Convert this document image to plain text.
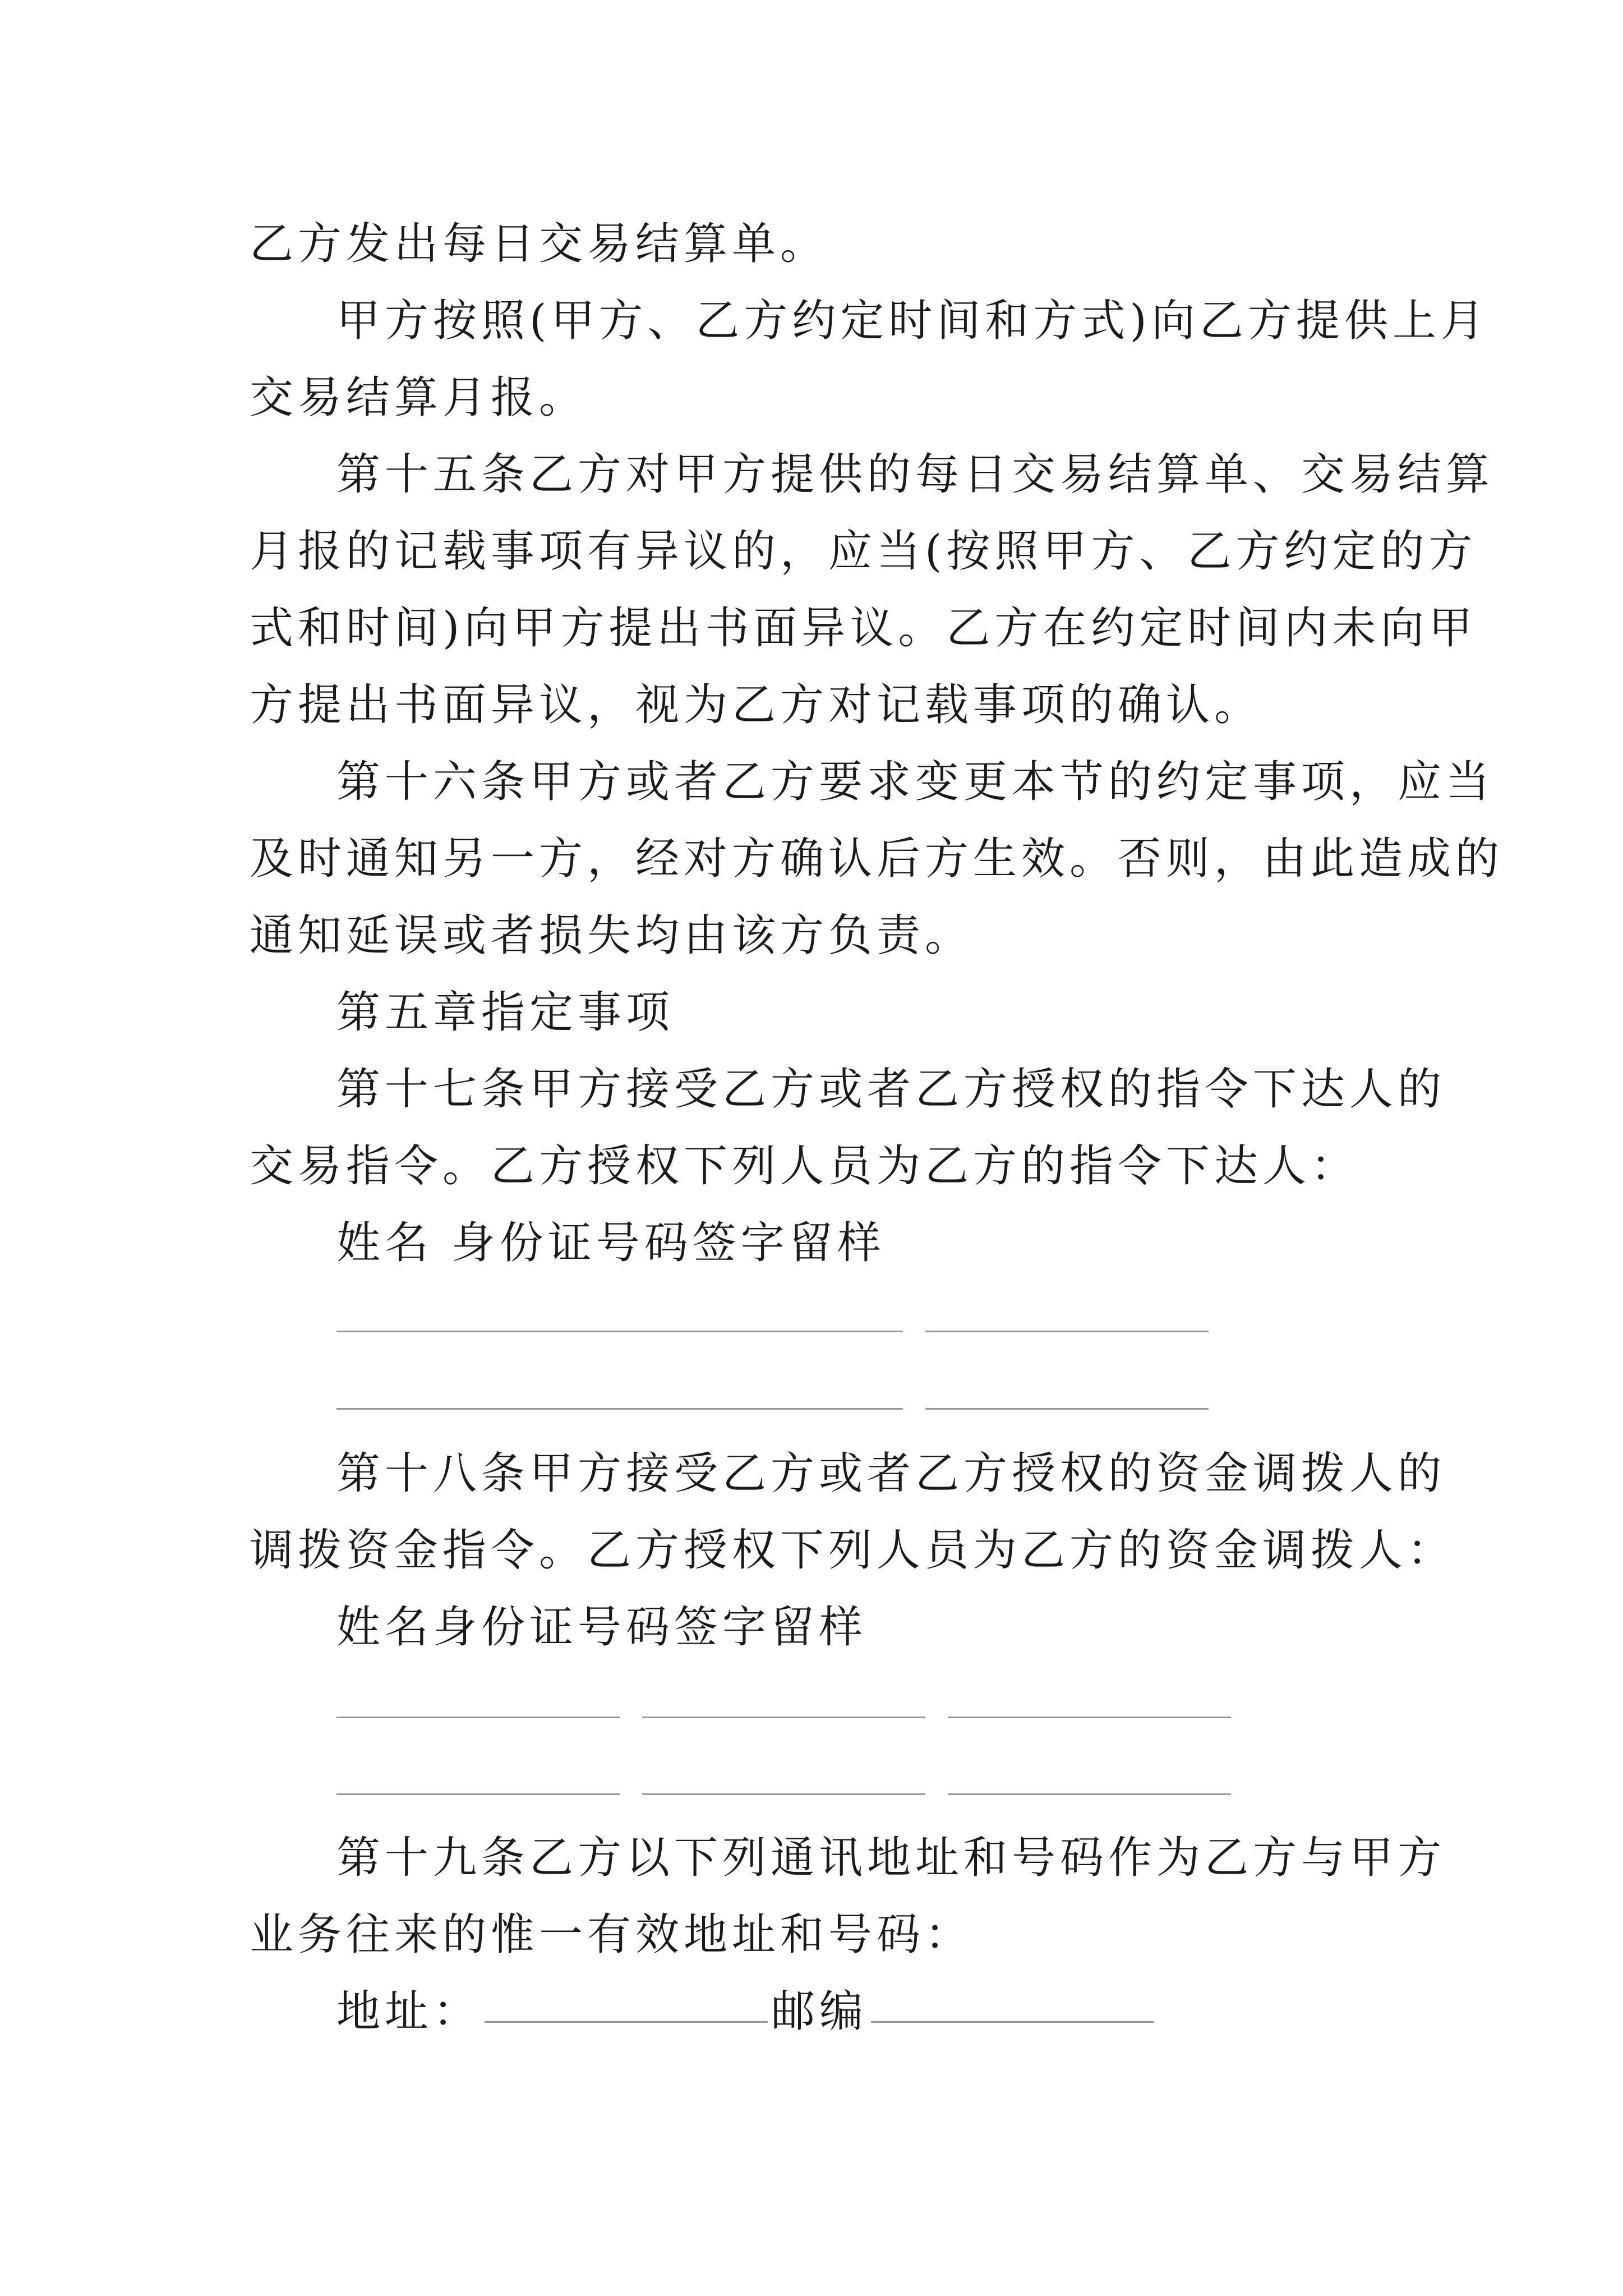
乙方发出每日交易结算单。
甲方按照(甲方、乙方约定时间和方式)向乙方提供上月
交易结算月报。
第十五条乙方对甲方提供的每日交易结算单、交易结算
月报的记载事项有异议的，应当(按照甲方、乙方约定的方
式和时间)向甲方提出书面异议。乙方在约定时间内未向甲
方提出书面异议，视为乙方对记载事项的确认。
第十六条甲方或者乙方要求变更本节的约定事项，应当
及时通知另一方，经对方确认后方生效。否则，由此造成的
通知延误或者损失均由该方负责。
第五章指定事项
第十七条甲方接受乙方或者乙方授权的指令下达人的
交易指令。乙方授权下列人员为乙方的指令下达人：
姓名 身份证号码签字留样
第十八条甲方接受乙方或者乙方授权的资金调拨人的
调拨资金指令。乙方授权下列人员为乙方的资金调拨人：
姓名身份证号码签字留样
第十九条乙方以下列通讯地址和号码作为乙方与甲方
业务往来的惟一有效地址和号码：
地址：	邮编
